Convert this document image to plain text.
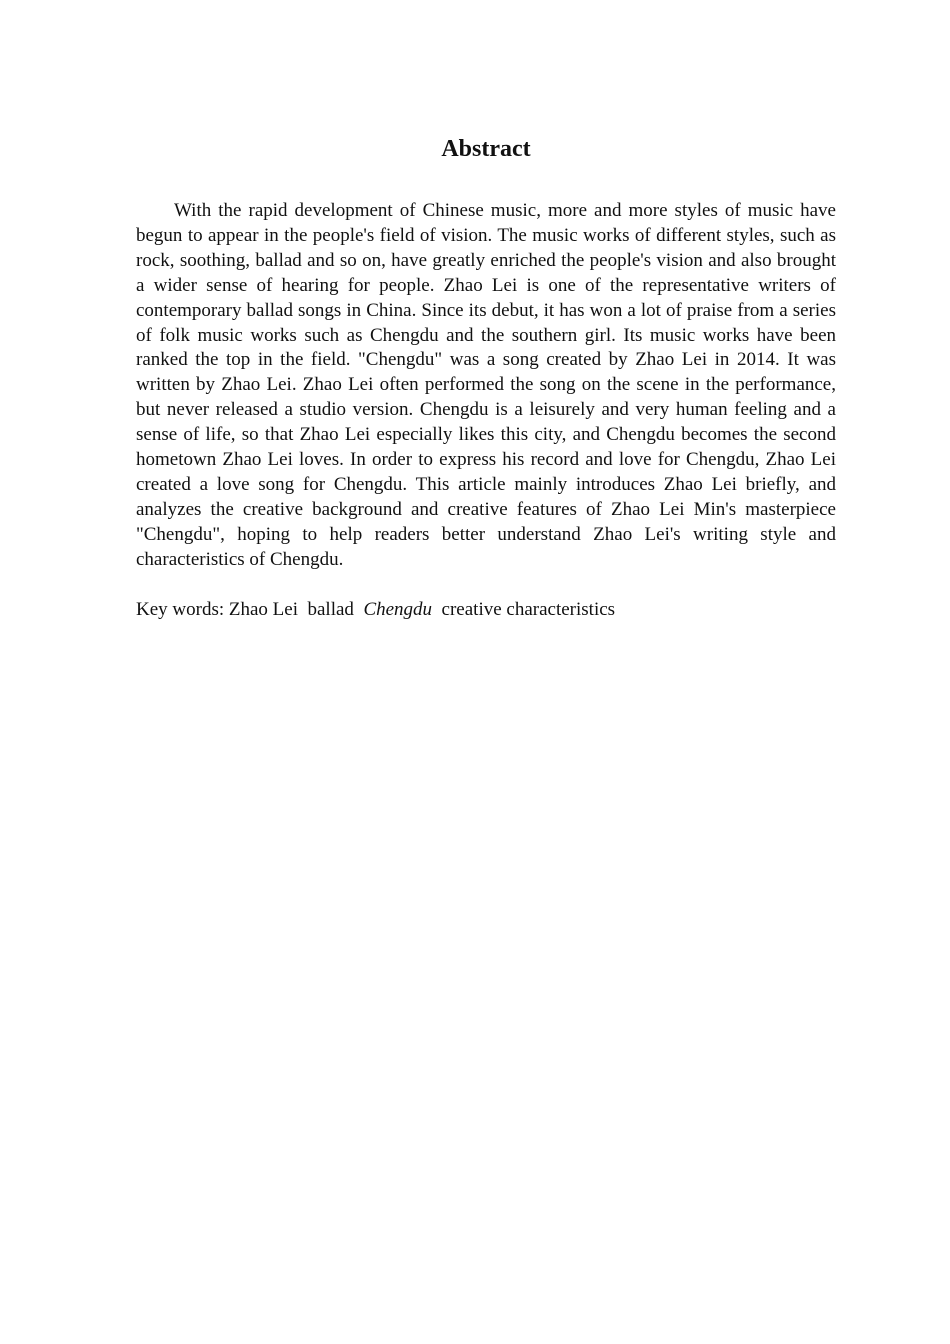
Abstract

With the rapid development of Chinese music, more and more styles of music have begun to appear in the people's field of vision. The music works of different styles, such as rock, soothing, ballad and so on, have greatly enriched the people's vision and also brought a wider sense of hearing for people. Zhao Lei is one of the representative writers of contemporary ballad songs in China. Since its debut, it has won a lot of praise from a series of folk music works such as Chengdu and the southern girl. Its music works have been ranked the top in the field. "Chengdu" was a song created by Zhao Lei in 2014. It was written by Zhao Lei. Zhao Lei often performed the song on the scene in the performance, but never released a studio version. Chengdu is a leisurely and very human feeling and a sense of life, so that Zhao Lei especially likes this city, and Chengdu becomes the second hometown Zhao Lei loves. In order to express his record and love for Chengdu, Zhao Lei created a love song for Chengdu. This article mainly introduces Zhao Lei briefly, and analyzes the creative background and creative features of Zhao Lei Min's masterpiece "Chengdu", hoping to help readers better understand Zhao Lei's writing style and characteristics of Chengdu.

Key words: Zhao Lei ballad Chengdu creative characteristics
